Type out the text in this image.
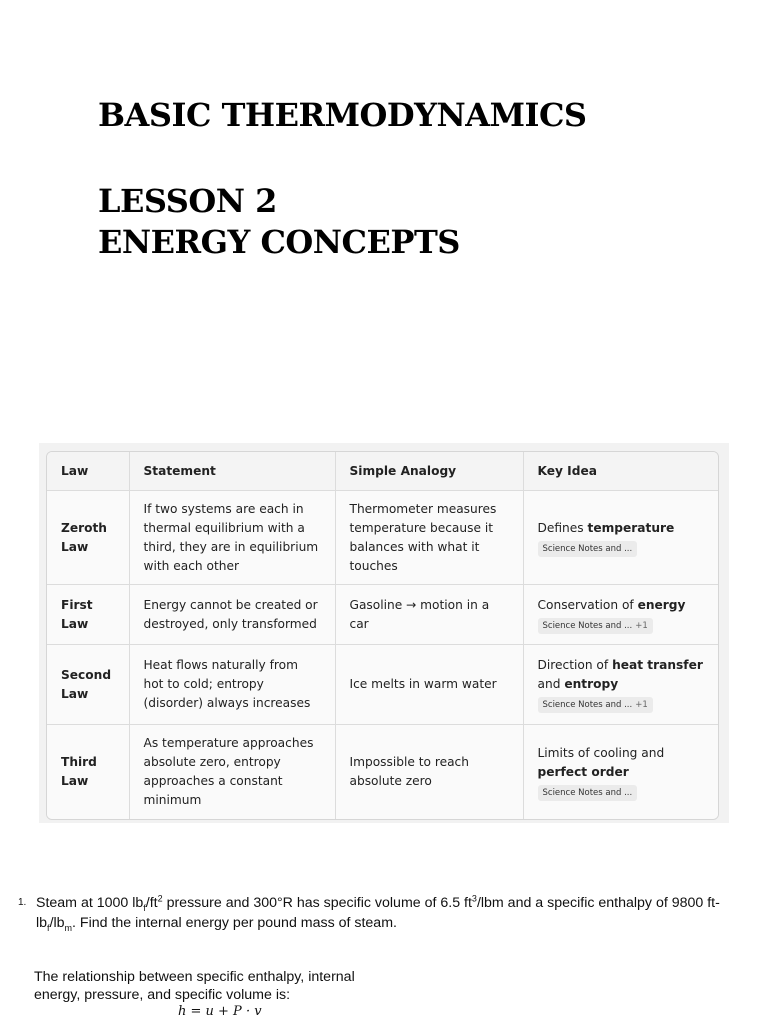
BASIC THERMODYNAMICS
LESSON 2
ENERGY CONCEPTS
Law	Statement	Simple Analogy	Key Idea
Zeroth Law	If two systems are each in thermal equilibrium with a third, they are in equilibrium with each other	Thermometer measures temperature because it balances with what it touches	Defines temperature
Science Notes and ...
First Law	Energy cannot be created or destroyed, only transformed	Gasoline → motion in a car	Conservation of energy
Science Notes and ... +1
Second Law	Heat flows naturally from hot to cold; entropy (disorder) always increases	Ice melts in warm water	Direction of heat transfer and entropy
Science Notes and ... +1
Third Law	As temperature approaches absolute zero, entropy approaches a constant minimum	Impossible to reach absolute zero	Limits of cooling and perfect order
Science Notes and ...
1. Steam at 1000 $lb_f/ft^2$ pressure and 300°R has specific volume of 6.5 $ft^3$/lbm and a specific enthalpy of 9800 $ft-lb_f/lb_m$. Find the internal energy per pound mass of steam.
The relationship between specific enthalpy, internal energy, pressure, and specific volume is:
h = u + P · v
